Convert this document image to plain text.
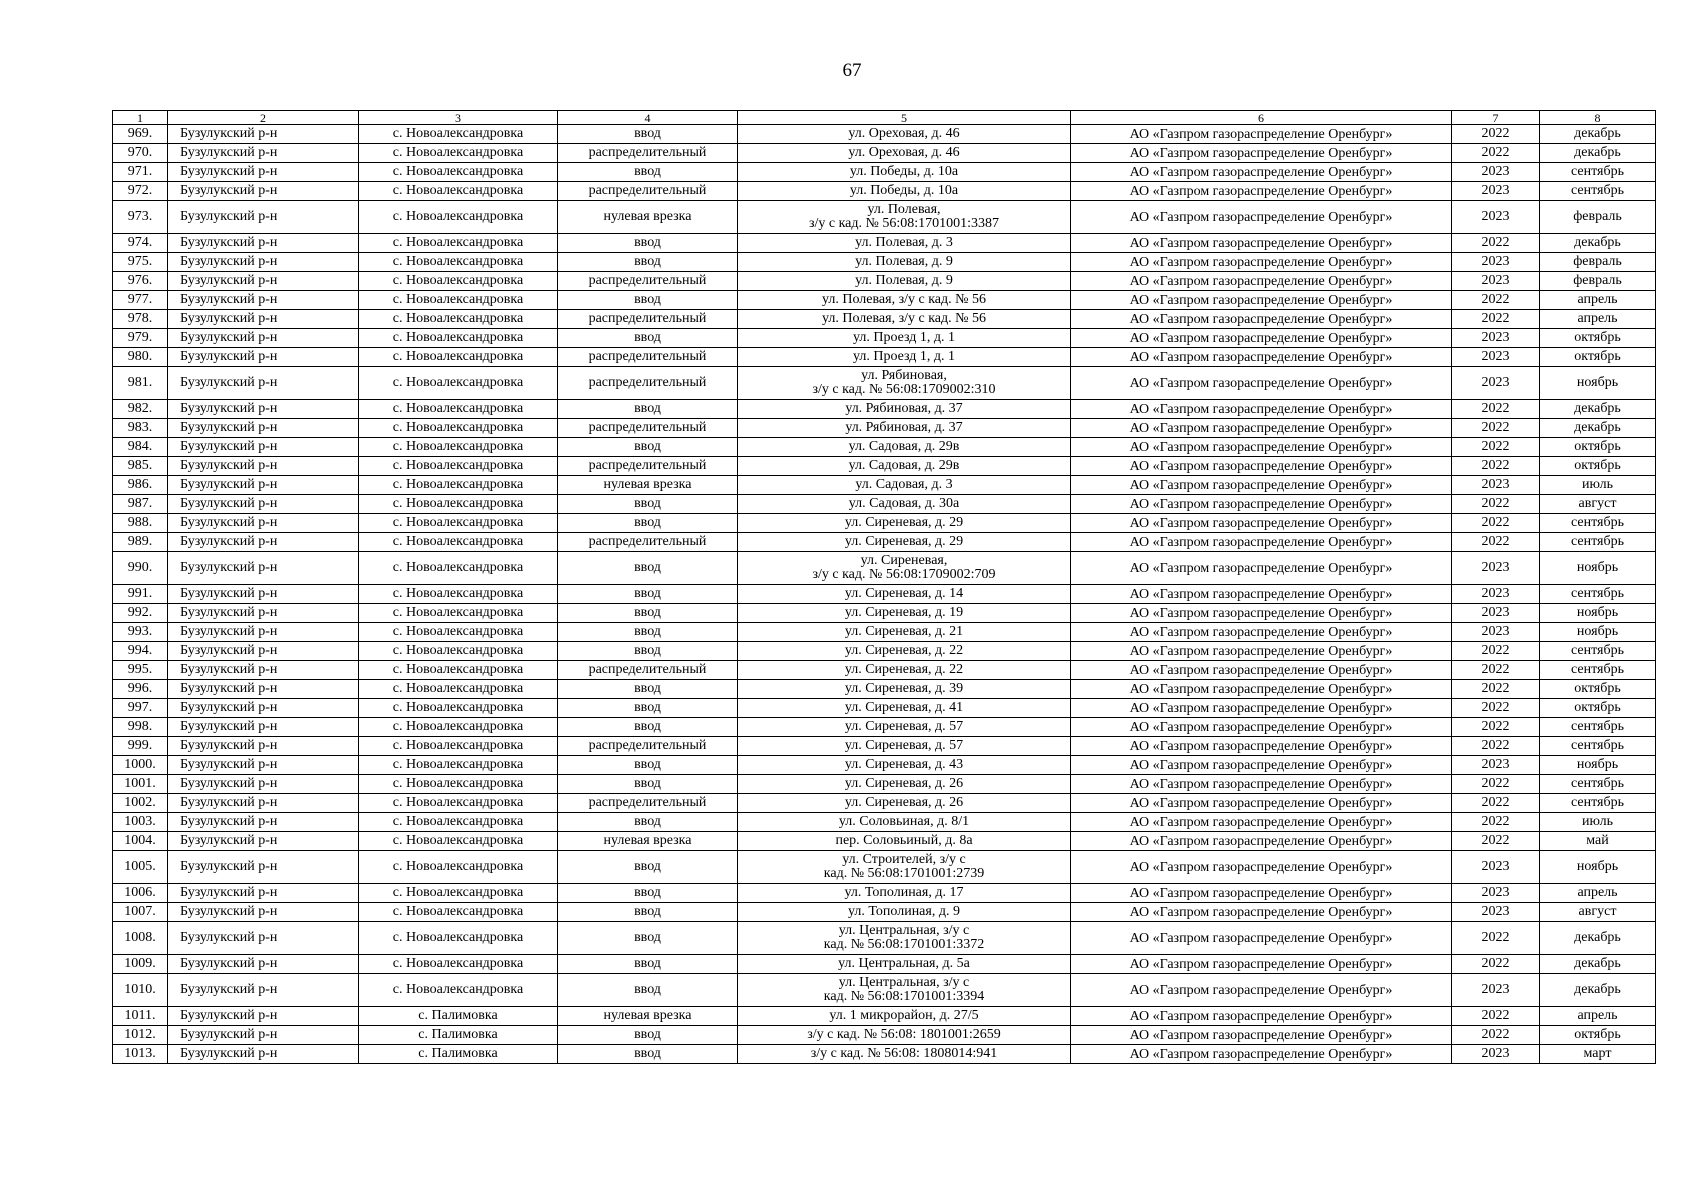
67
1	2	3	4	5	6	7	8
969.	Бузулукский р-н	с. Новоалександровка	ввод	ул. Ореховая, д. 46	АО «Газпром газораспределение Оренбург»	2022	декабрь
970.	Бузулукский р-н	с. Новоалександровка	распределительный	ул. Ореховая, д. 46	АО «Газпром газораспределение Оренбург»	2022	декабрь
971.	Бузулукский р-н	с. Новоалександровка	ввод	ул. Победы, д. 10а	АО «Газпром газораспределение Оренбург»	2023	сентябрь
972.	Бузулукский р-н	с. Новоалександровка	распределительный	ул. Победы, д. 10а	АО «Газпром газораспределение Оренбург»	2023	сентябрь
973.	Бузулукский р-н	с. Новоалександровка	нулевая врезка	ул. Полевая,
з/у с кад. № 56:08:1701001:3387	АО «Газпром газораспределение Оренбург»	2023	февраль
974.	Бузулукский р-н	с. Новоалександровка	ввод	ул. Полевая, д. 3	АО «Газпром газораспределение Оренбург»	2022	декабрь
975.	Бузулукский р-н	с. Новоалександровка	ввод	ул. Полевая, д. 9	АО «Газпром газораспределение Оренбург»	2023	февраль
976.	Бузулукский р-н	с. Новоалександровка	распределительный	ул. Полевая, д. 9	АО «Газпром газораспределение Оренбург»	2023	февраль
977.	Бузулукский р-н	с. Новоалександровка	ввод	ул. Полевая, з/у с кад. № 56	АО «Газпром газораспределение Оренбург»	2022	апрель
978.	Бузулукский р-н	с. Новоалександровка	распределительный	ул. Полевая, з/у с кад. № 56	АО «Газпром газораспределение Оренбург»	2022	апрель
979.	Бузулукский р-н	с. Новоалександровка	ввод	ул. Проезд 1, д. 1	АО «Газпром газораспределение Оренбург»	2023	октябрь
980.	Бузулукский р-н	с. Новоалександровка	распределительный	ул. Проезд 1, д. 1	АО «Газпром газораспределение Оренбург»	2023	октябрь
981.	Бузулукский р-н	с. Новоалександровка	распределительный	ул. Рябиновая,
з/у с кад. № 56:08:1709002:310	АО «Газпром газораспределение Оренбург»	2023	ноябрь
982.	Бузулукский р-н	с. Новоалександровка	ввод	ул. Рябиновая, д. 37	АО «Газпром газораспределение Оренбург»	2022	декабрь
983.	Бузулукский р-н	с. Новоалександровка	распределительный	ул. Рябиновая, д. 37	АО «Газпром газораспределение Оренбург»	2022	декабрь
984.	Бузулукский р-н	с. Новоалександровка	ввод	ул. Садовая, д. 29в	АО «Газпром газораспределение Оренбург»	2022	октябрь
985.	Бузулукский р-н	с. Новоалександровка	распределительный	ул. Садовая, д. 29в	АО «Газпром газораспределение Оренбург»	2022	октябрь
986.	Бузулукский р-н	с. Новоалександровка	нулевая врезка	ул. Садовая, д. 3	АО «Газпром газораспределение Оренбург»	2023	июль
987.	Бузулукский р-н	с. Новоалександровка	ввод	ул. Садовая, д. 30а	АО «Газпром газораспределение Оренбург»	2022	август
988.	Бузулукский р-н	с. Новоалександровка	ввод	ул. Сиреневая, д. 29	АО «Газпром газораспределение Оренбург»	2022	сентябрь
989.	Бузулукский р-н	с. Новоалександровка	распределительный	ул. Сиреневая, д. 29	АО «Газпром газораспределение Оренбург»	2022	сентябрь
990.	Бузулукский р-н	с. Новоалександровка	ввод	ул. Сиреневая,
з/у с кад. № 56:08:1709002:709	АО «Газпром газораспределение Оренбург»	2023	ноябрь
991.	Бузулукский р-н	с. Новоалександровка	ввод	ул. Сиреневая, д. 14	АО «Газпром газораспределение Оренбург»	2023	сентябрь
992.	Бузулукский р-н	с. Новоалександровка	ввод	ул. Сиреневая, д. 19	АО «Газпром газораспределение Оренбург»	2023	ноябрь
993.	Бузулукский р-н	с. Новоалександровка	ввод	ул. Сиреневая, д. 21	АО «Газпром газораспределение Оренбург»	2023	ноябрь
994.	Бузулукский р-н	с. Новоалександровка	ввод	ул. Сиреневая, д. 22	АО «Газпром газораспределение Оренбург»	2022	сентябрь
995.	Бузулукский р-н	с. Новоалександровка	распределительный	ул. Сиреневая, д. 22	АО «Газпром газораспределение Оренбург»	2022	сентябрь
996.	Бузулукский р-н	с. Новоалександровка	ввод	ул. Сиреневая, д. 39	АО «Газпром газораспределение Оренбург»	2022	октябрь
997.	Бузулукский р-н	с. Новоалександровка	ввод	ул. Сиреневая, д. 41	АО «Газпром газораспределение Оренбург»	2022	октябрь
998.	Бузулукский р-н	с. Новоалександровка	ввод	ул. Сиреневая, д. 57	АО «Газпром газораспределение Оренбург»	2022	сентябрь
999.	Бузулукский р-н	с. Новоалександровка	распределительный	ул. Сиреневая, д. 57	АО «Газпром газораспределение Оренбург»	2022	сентябрь
1000.	Бузулукский р-н	с. Новоалександровка	ввод	ул. Сиреневая, д. 43	АО «Газпром газораспределение Оренбург»	2023	ноябрь
1001.	Бузулукский р-н	с. Новоалександровка	ввод	ул. Сиреневая, д. 26	АО «Газпром газораспределение Оренбург»	2022	сентябрь
1002.	Бузулукский р-н	с. Новоалександровка	распределительный	ул. Сиреневая, д. 26	АО «Газпром газораспределение Оренбург»	2022	сентябрь
1003.	Бузулукский р-н	с. Новоалександровка	ввод	ул. Соловьиная, д. 8/1	АО «Газпром газораспределение Оренбург»	2022	июль
1004.	Бузулукский р-н	с. Новоалександровка	нулевая врезка	пер. Соловьиный, д. 8а	АО «Газпром газораспределение Оренбург»	2022	май
1005.	Бузулукский р-н	с. Новоалександровка	ввод	ул. Строителей, з/у с
кад. № 56:08:1701001:2739	АО «Газпром газораспределение Оренбург»	2023	ноябрь
1006.	Бузулукский р-н	с. Новоалександровка	ввод	ул. Тополиная, д. 17	АО «Газпром газораспределение Оренбург»	2023	апрель
1007.	Бузулукский р-н	с. Новоалександровка	ввод	ул. Тополиная, д. 9	АО «Газпром газораспределение Оренбург»	2023	август
1008.	Бузулукский р-н	с. Новоалександровка	ввод	ул. Центральная, з/у с
кад. № 56:08:1701001:3372	АО «Газпром газораспределение Оренбург»	2022	декабрь
1009.	Бузулукский р-н	с. Новоалександровка	ввод	ул. Центральная, д. 5а	АО «Газпром газораспределение Оренбург»	2022	декабрь
1010.	Бузулукский р-н	с. Новоалександровка	ввод	ул. Центральная, з/у с
кад. № 56:08:1701001:3394	АО «Газпром газораспределение Оренбург»	2023	декабрь
1011.	Бузулукский р-н	с. Палимовка	нулевая врезка	ул. 1 микрорайон, д. 27/5	АО «Газпром газораспределение Оренбург»	2022	апрель
1012.	Бузулукский р-н	с. Палимовка	ввод	з/у с кад. № 56:08: 1801001:2659	АО «Газпром газораспределение Оренбург»	2022	октябрь
1013.	Бузулукский р-н	с. Палимовка	ввод	з/у с кад. № 56:08: 1808014:941	АО «Газпром газораспределение Оренбург»	2023	март
